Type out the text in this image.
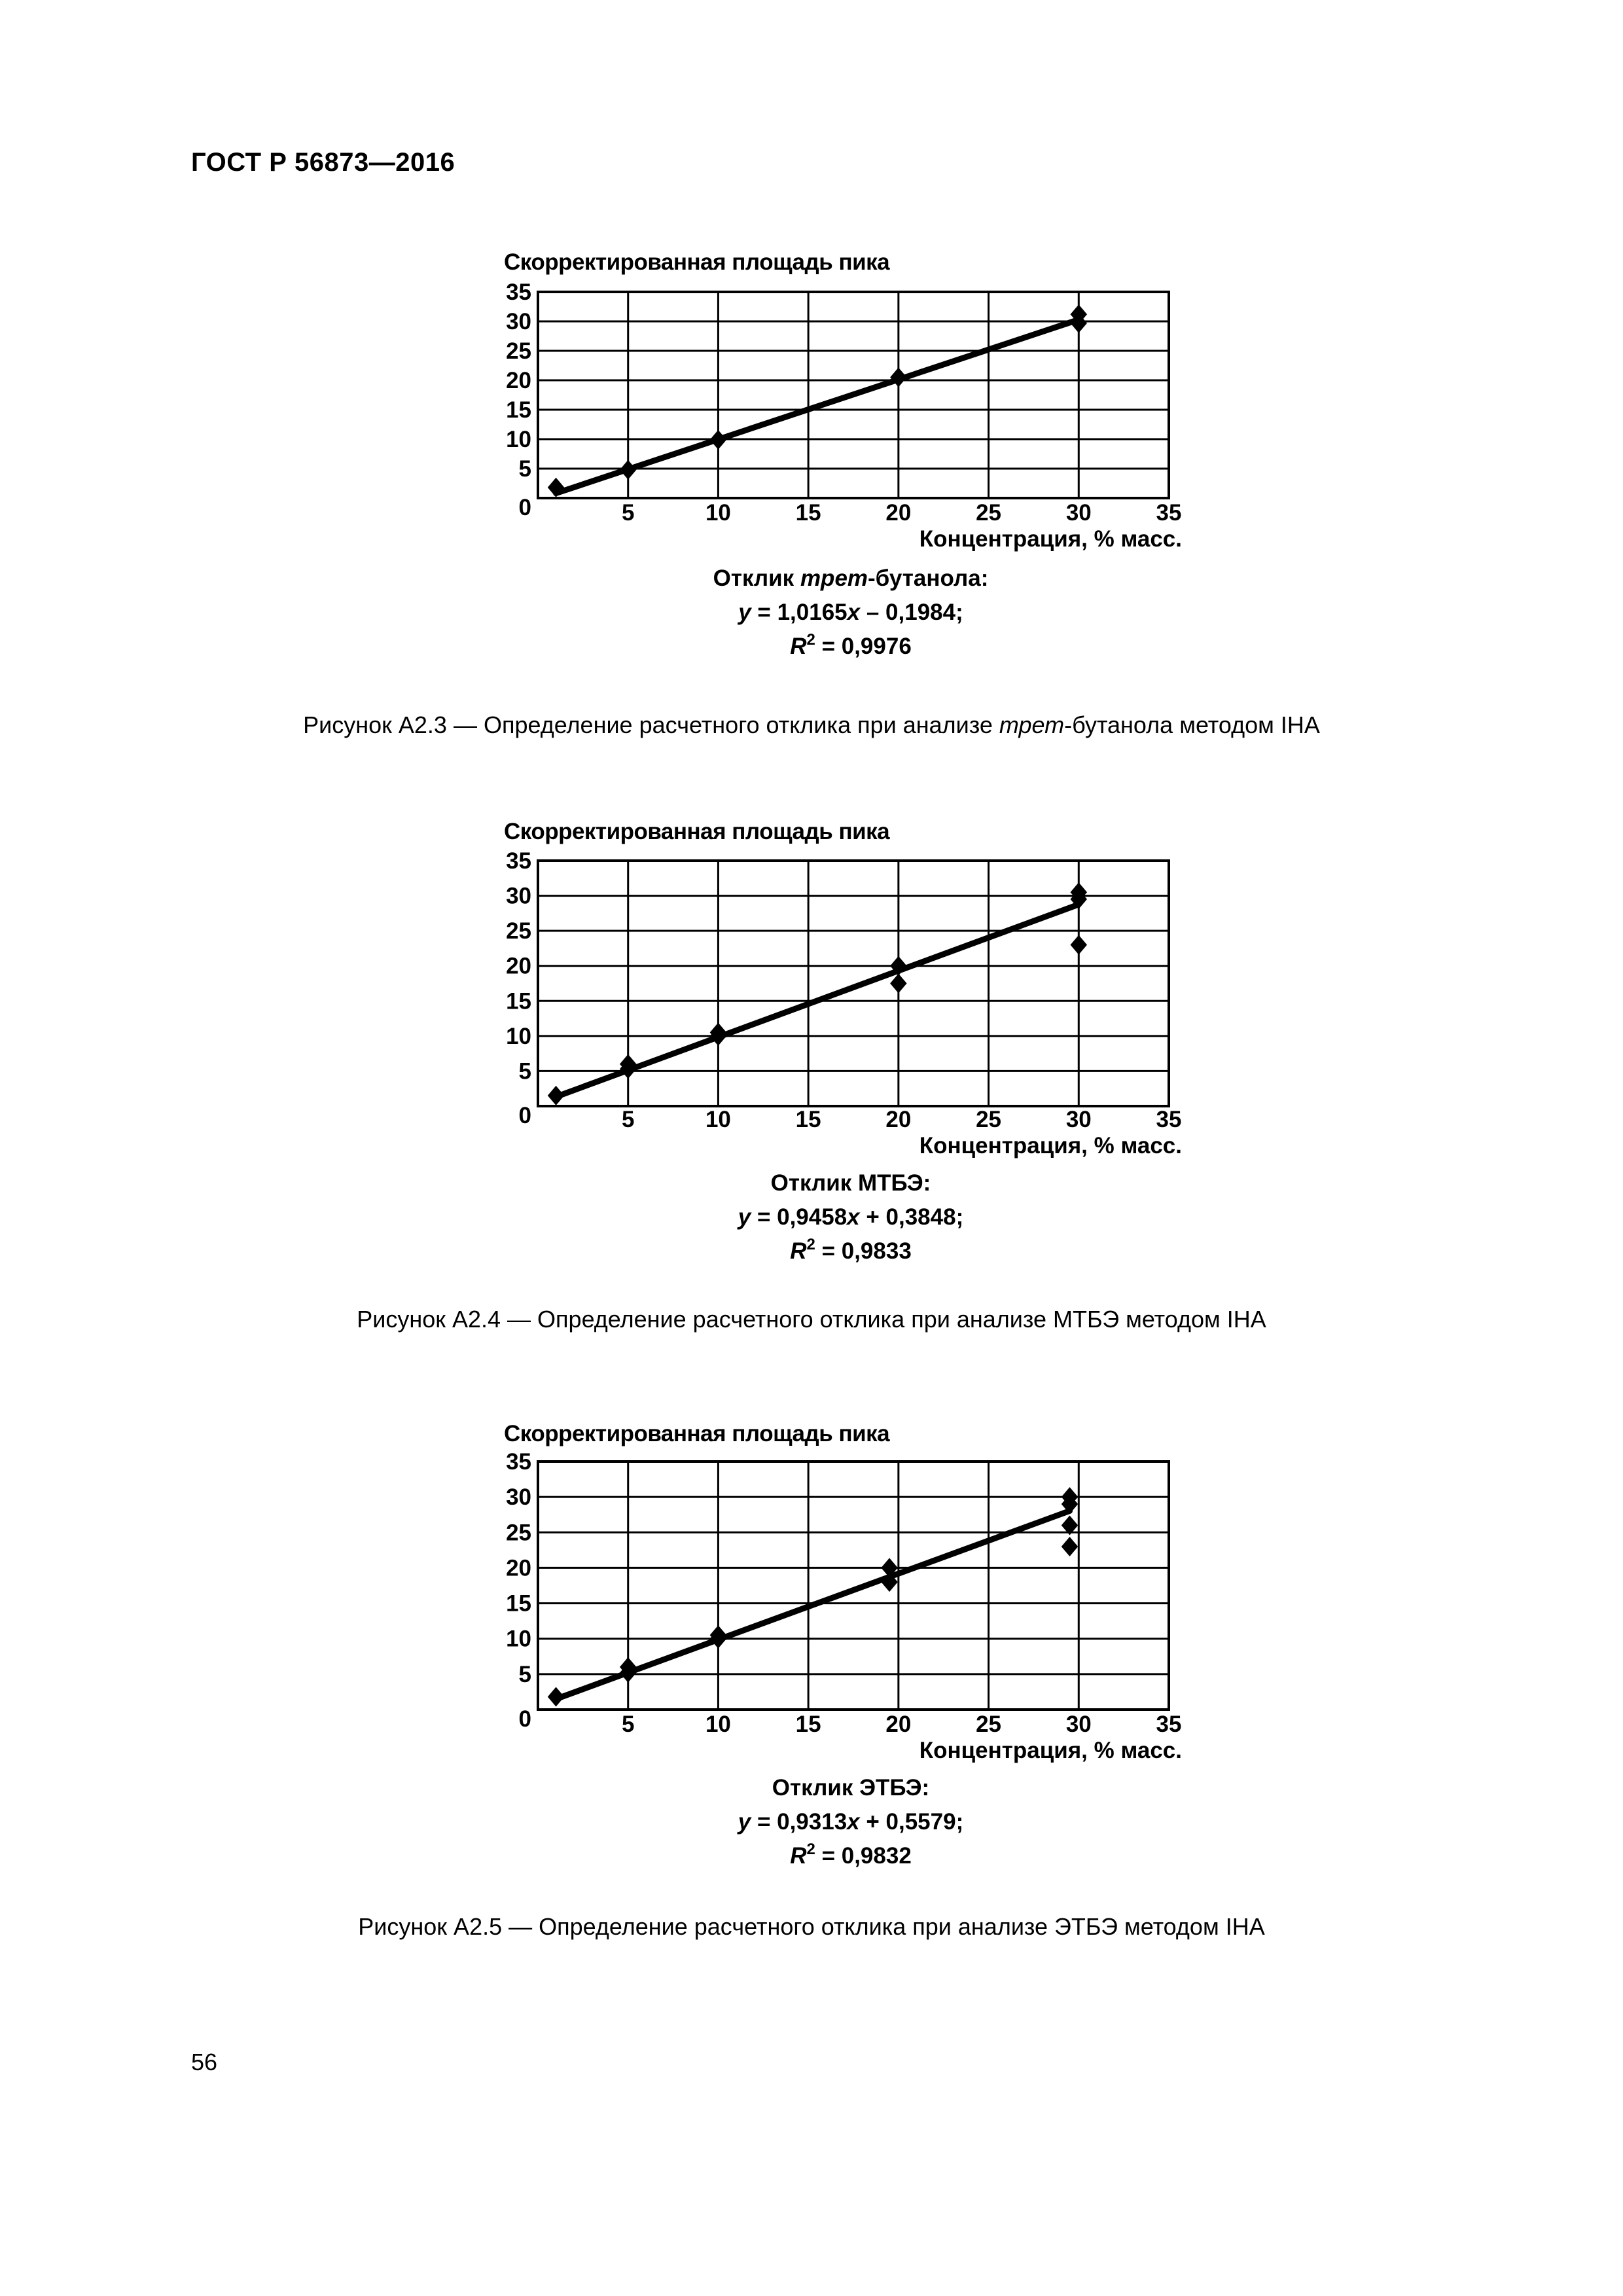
ГОСТ Р 56873—2016
Скорректированная площадь пика
0
5
10
15
20
25
30
35
5	10	15	20	25	30	35
Концентрация, % масс.
Отклик трет-бутанола:
y = 1,0165x – 0,1984;
$R^2 = 0,9976$
Рисунок А2.3 — Определение расчетного отклика при анализе трет-бутанола методом IHA
Скорректированная площадь пика
0
5
10
15
20
25
30
35
5	10	15	20	25	30	35
Концентрация, % масс.
Отклик МТБЭ:
y = 0,9458x + 0,3848;
$R^2 = 0,9833$
Рисунок А2.4 — Определение расчетного отклика при анализе МТБЭ методом IHA
Скорректированная площадь пика
0
5
10
15
20
25
30
35
5	10	15	20	25	30	35
Концентрация, % масс.
Отклик ЭТБЭ:
y = 0,9313x + 0,5579;
$R^2 = 0,9832$
Рисунок А2.5 — Определение расчетного отклика при анализе ЭТБЭ методом IHA
56
